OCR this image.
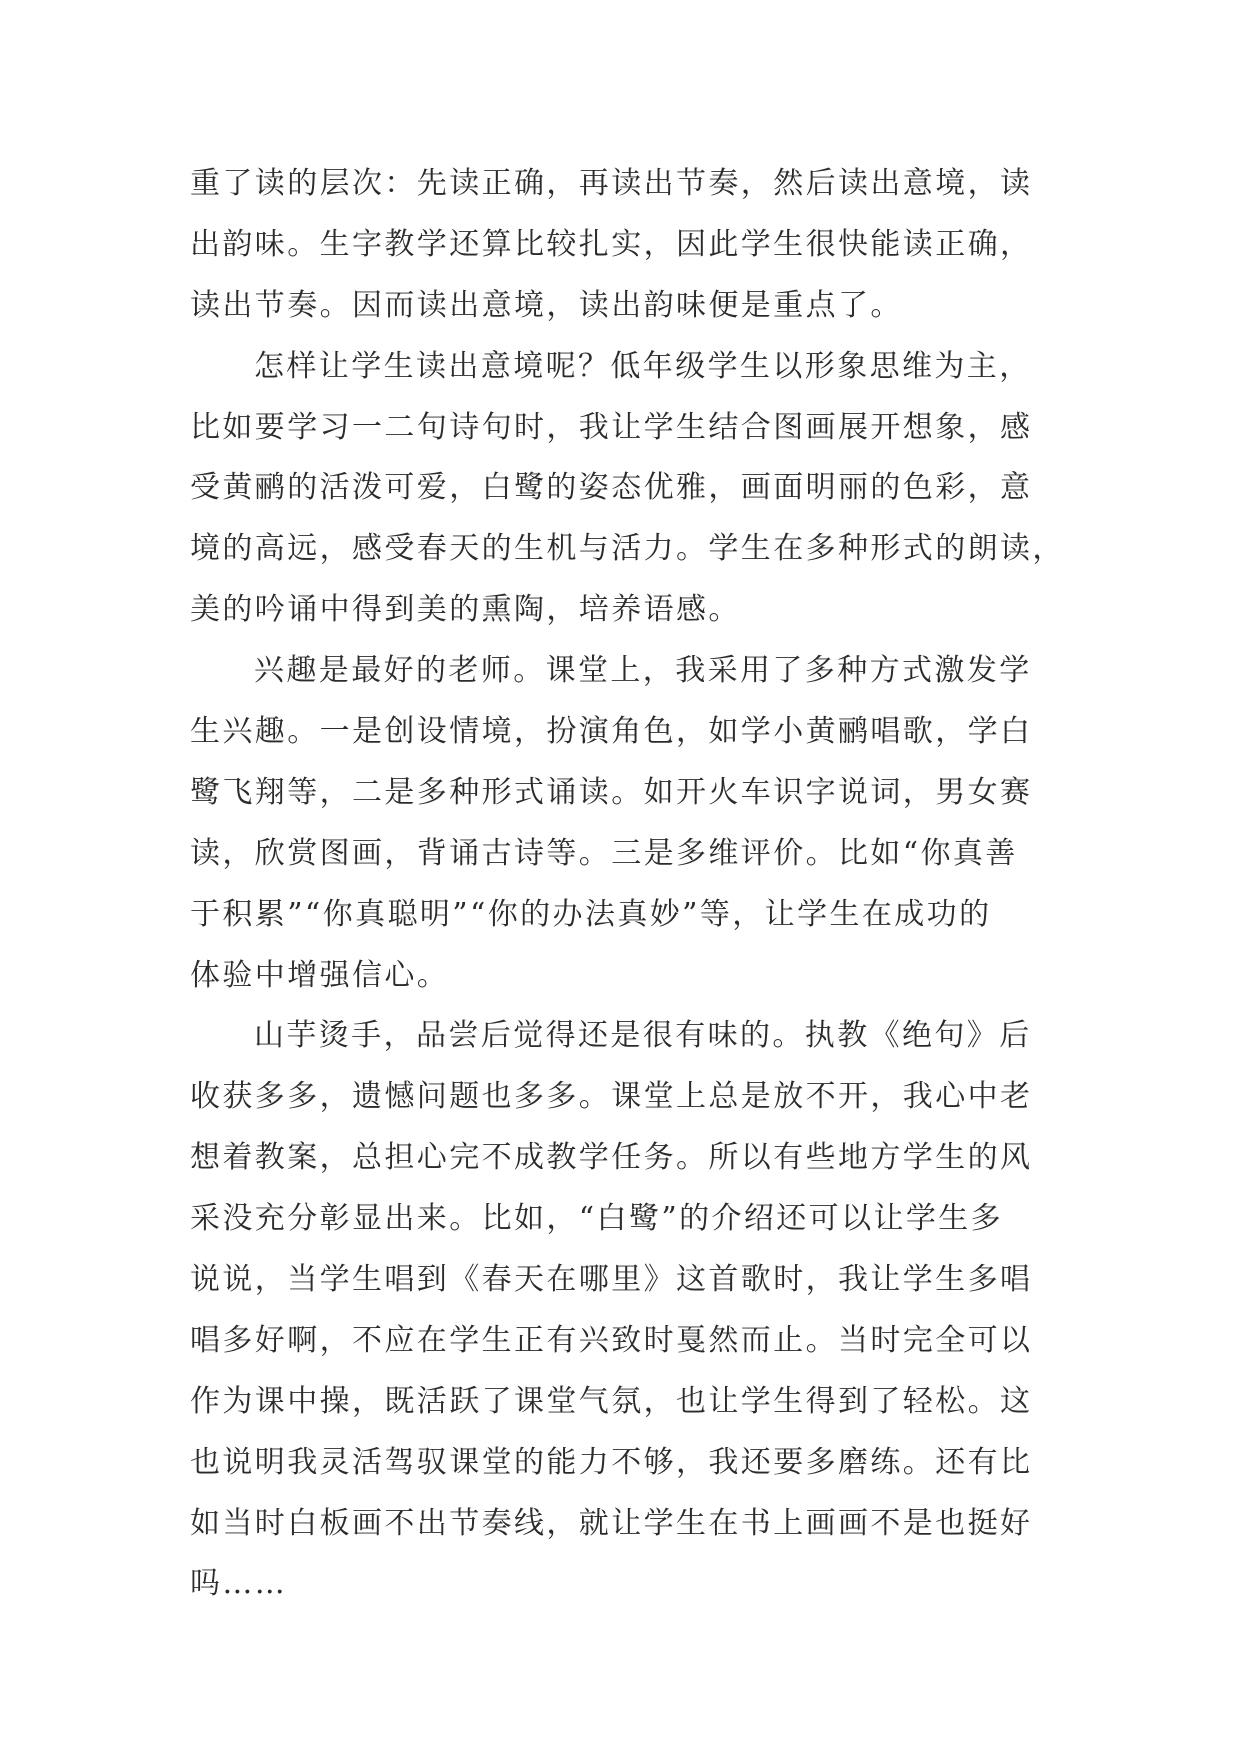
重了读的层次：先读正确，再读出节奏，然后读出意境，读
出韵味。生字教学还算比较扎实，因此学生很快能读正确，
读出节奏。因而读出意境，读出韵味便是重点了。
怎样让学生读出意境呢？低年级学生以形象思维为主，
比如要学习一二句诗句时，我让学生结合图画展开想象，感
受黄鹂的活泼可爱，白鹭的姿态优雅，画面明丽的色彩，意
境的高远，感受春天的生机与活力。学生在多种形式的朗读，
美的吟诵中得到美的熏陶，培养语感。
兴趣是最好的老师。课堂上，我采用了多种方式激发学
生兴趣。一是创设情境，扮演角色，如学小黄鹂唱歌，学白
鹭飞翔等，二是多种形式诵读。如开火车识字说词，男女赛
读，欣赏图画，背诵古诗等。三是多维评价。比如“你真善
于积累”“你真聪明”“你的办法真妙”等，让学生在成功的
体验中增强信心。
山芋烫手，品尝后觉得还是很有味的。执教《绝句》后
收获多多，遗憾问题也多多。课堂上总是放不开，我心中老
想着教案，总担心完不成教学任务。所以有些地方学生的风
采没充分彰显出来。比如，“白鹭”的介绍还可以让学生多
说说，当学生唱到《春天在哪里》这首歌时，我让学生多唱
唱多好啊，不应在学生正有兴致时戛然而止。当时完全可以
作为课中操，既活跃了课堂气氛，也让学生得到了轻松。这
也说明我灵活驾驭课堂的能力不够，我还要多磨练。还有比
如当时白板画不出节奏线，就让学生在书上画画不是也挺好
吗……
